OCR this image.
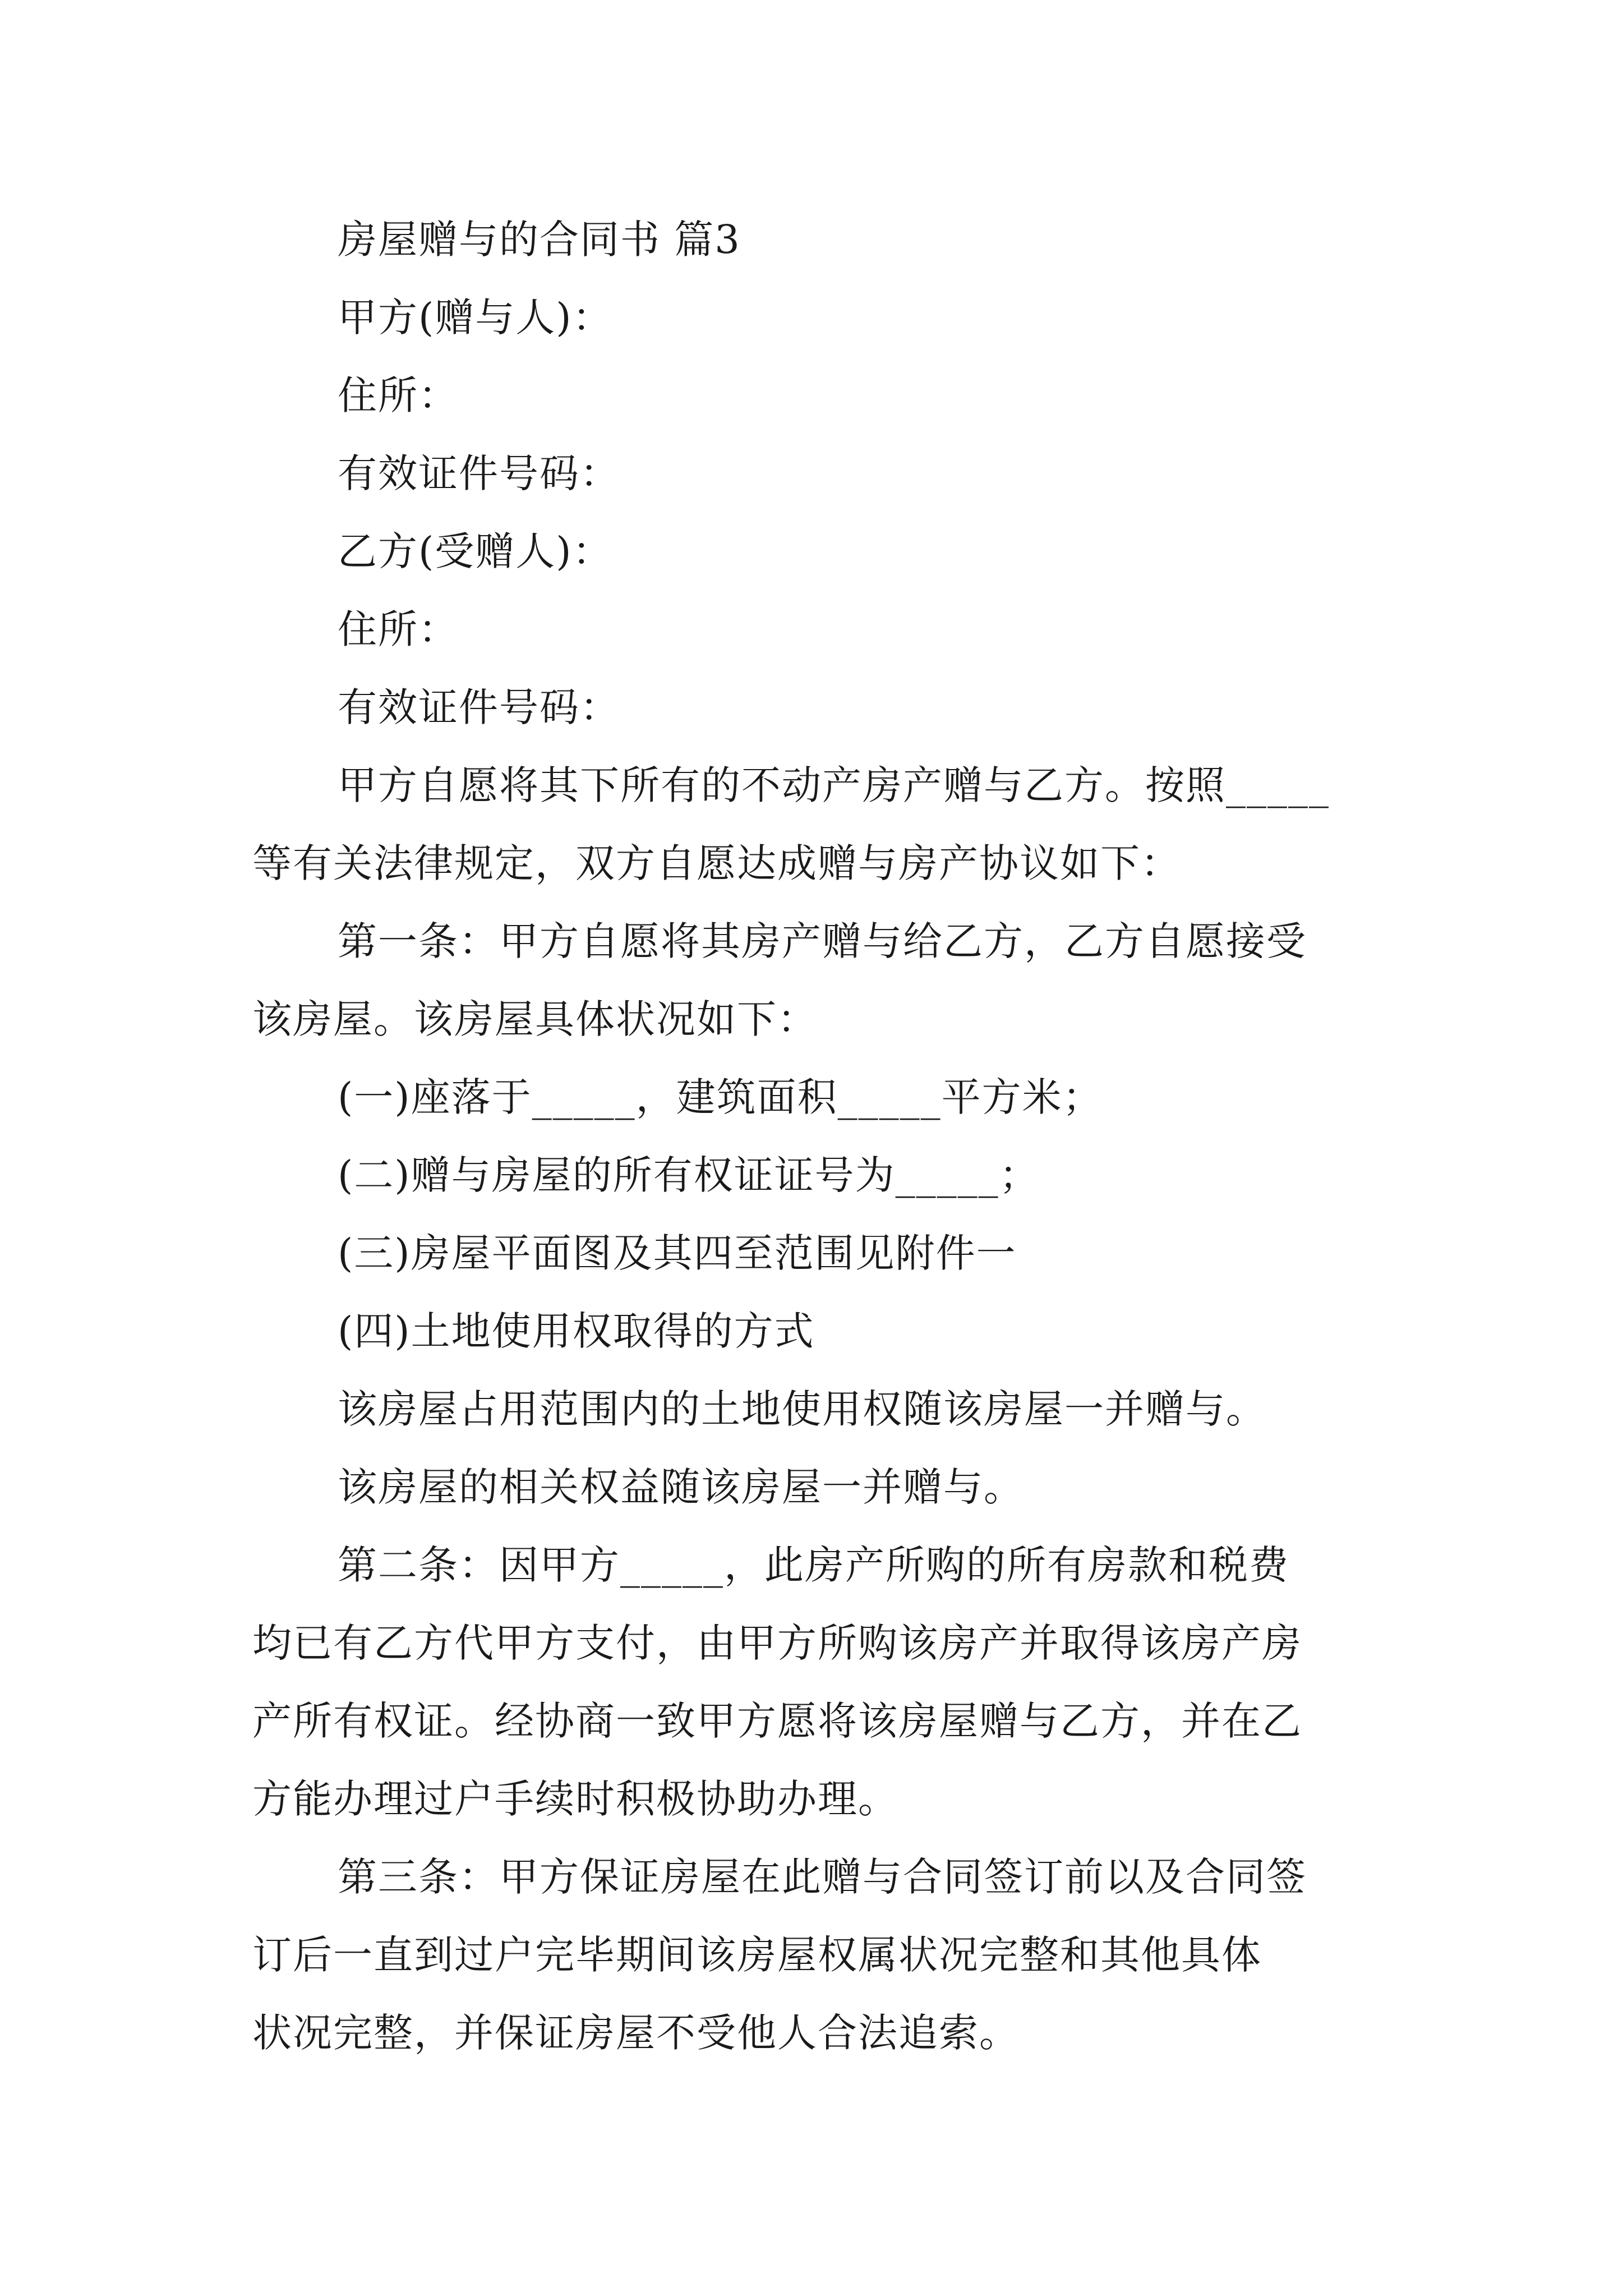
房屋赠与的合同书 篇3
甲方(赠与人)：
住所：
有效证件号码：
乙方(受赠人)：
住所：
有效证件号码：
甲方自愿将其下所有的不动产房产赠与乙方。按照_____
等有关法律规定，双方自愿达成赠与房产协议如下：
第一条：甲方自愿将其房产赠与给乙方，乙方自愿接受
该房屋。该房屋具体状况如下：
(一)座落于_____，建筑面积_____平方米；
(二)赠与房屋的所有权证证号为_____；
(三)房屋平面图及其四至范围见附件一
(四)土地使用权取得的方式
该房屋占用范围内的土地使用权随该房屋一并赠与。
该房屋的相关权益随该房屋一并赠与。
第二条：因甲方_____，此房产所购的所有房款和税费
均已有乙方代甲方支付，由甲方所购该房产并取得该房产房
产所有权证。经协商一致甲方愿将该房屋赠与乙方，并在乙
方能办理过户手续时积极协助办理。
第三条：甲方保证房屋在此赠与合同签订前以及合同签
订后一直到过户完毕期间该房屋权属状况完整和其他具体
状况完整，并保证房屋不受他人合法追索。
